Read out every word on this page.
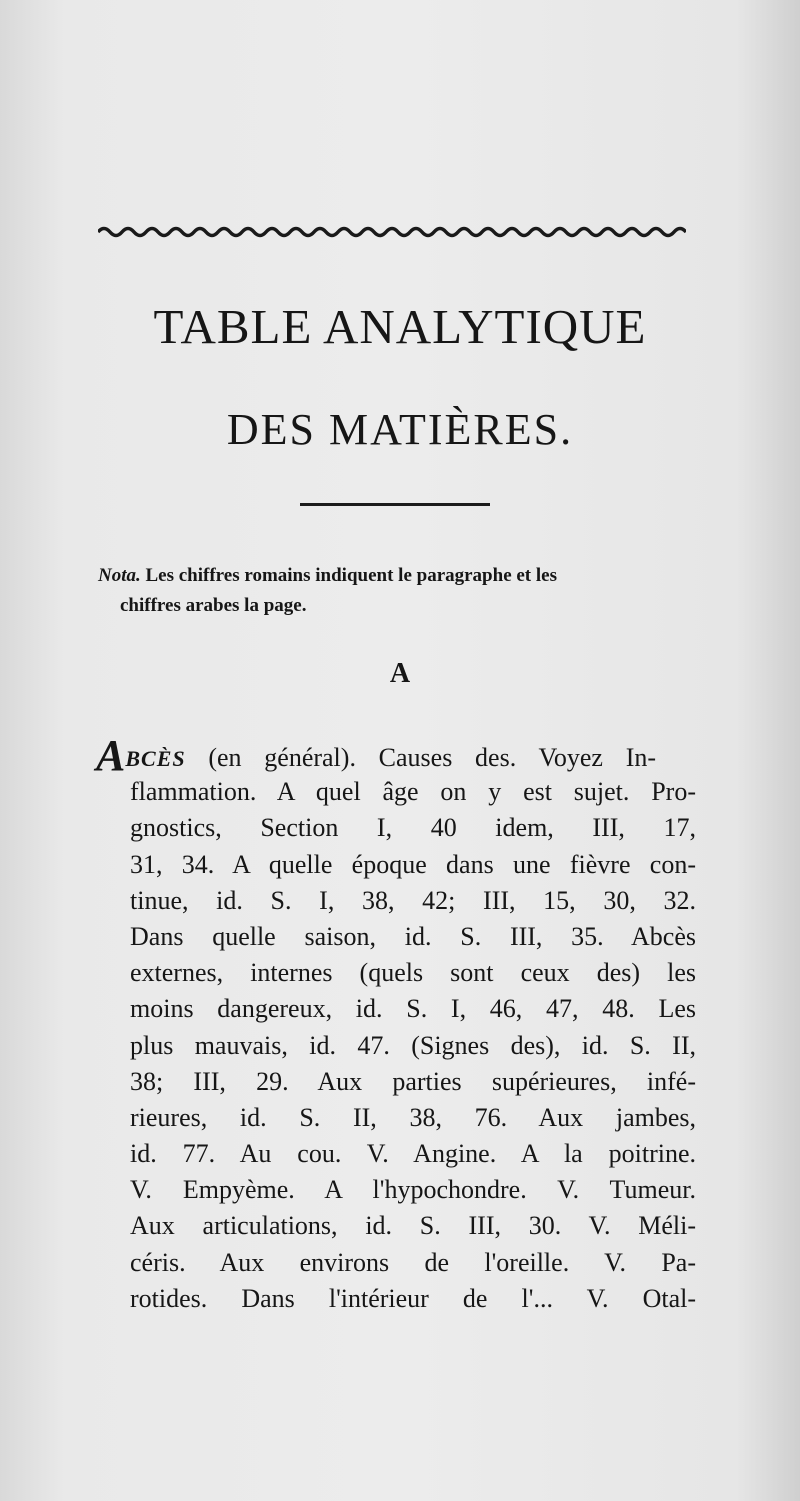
TABLE ANALYTIQUE
DES MATIÈRES.
Nota. Les chiffres romains indiquent le paragraphe et les
chiffres arabes la page.
A
ABCÈS (en général). Causes des. Voyez In-
flammation. A quel âge on y est sujet. Pro-
gnostics, Section I, 40 idem, III, 17,
31, 34. A quelle époque dans une fièvre con-
tinue, id. S. I, 38, 42; III, 15, 30, 32.
Dans quelle saison, id. S. III, 35. Abcès
externes, internes (quels sont ceux des) les
moins dangereux, id. S. I, 46, 47, 48. Les
plus mauvais, id. 47. (Signes des), id. S. II,
38; III, 29. Aux parties supérieures, infé-
rieures, id. S. II, 38, 76. Aux jambes,
id. 77. Au cou. V. Angine. A la poitrine.
V. Empyème. A l'hypochondre. V. Tumeur.
Aux articulations, id. S. III, 30. V. Méli-
céris. Aux environs de l'oreille. V. Pa-
rotides. Dans l'intérieur de l'... V. Otal-
